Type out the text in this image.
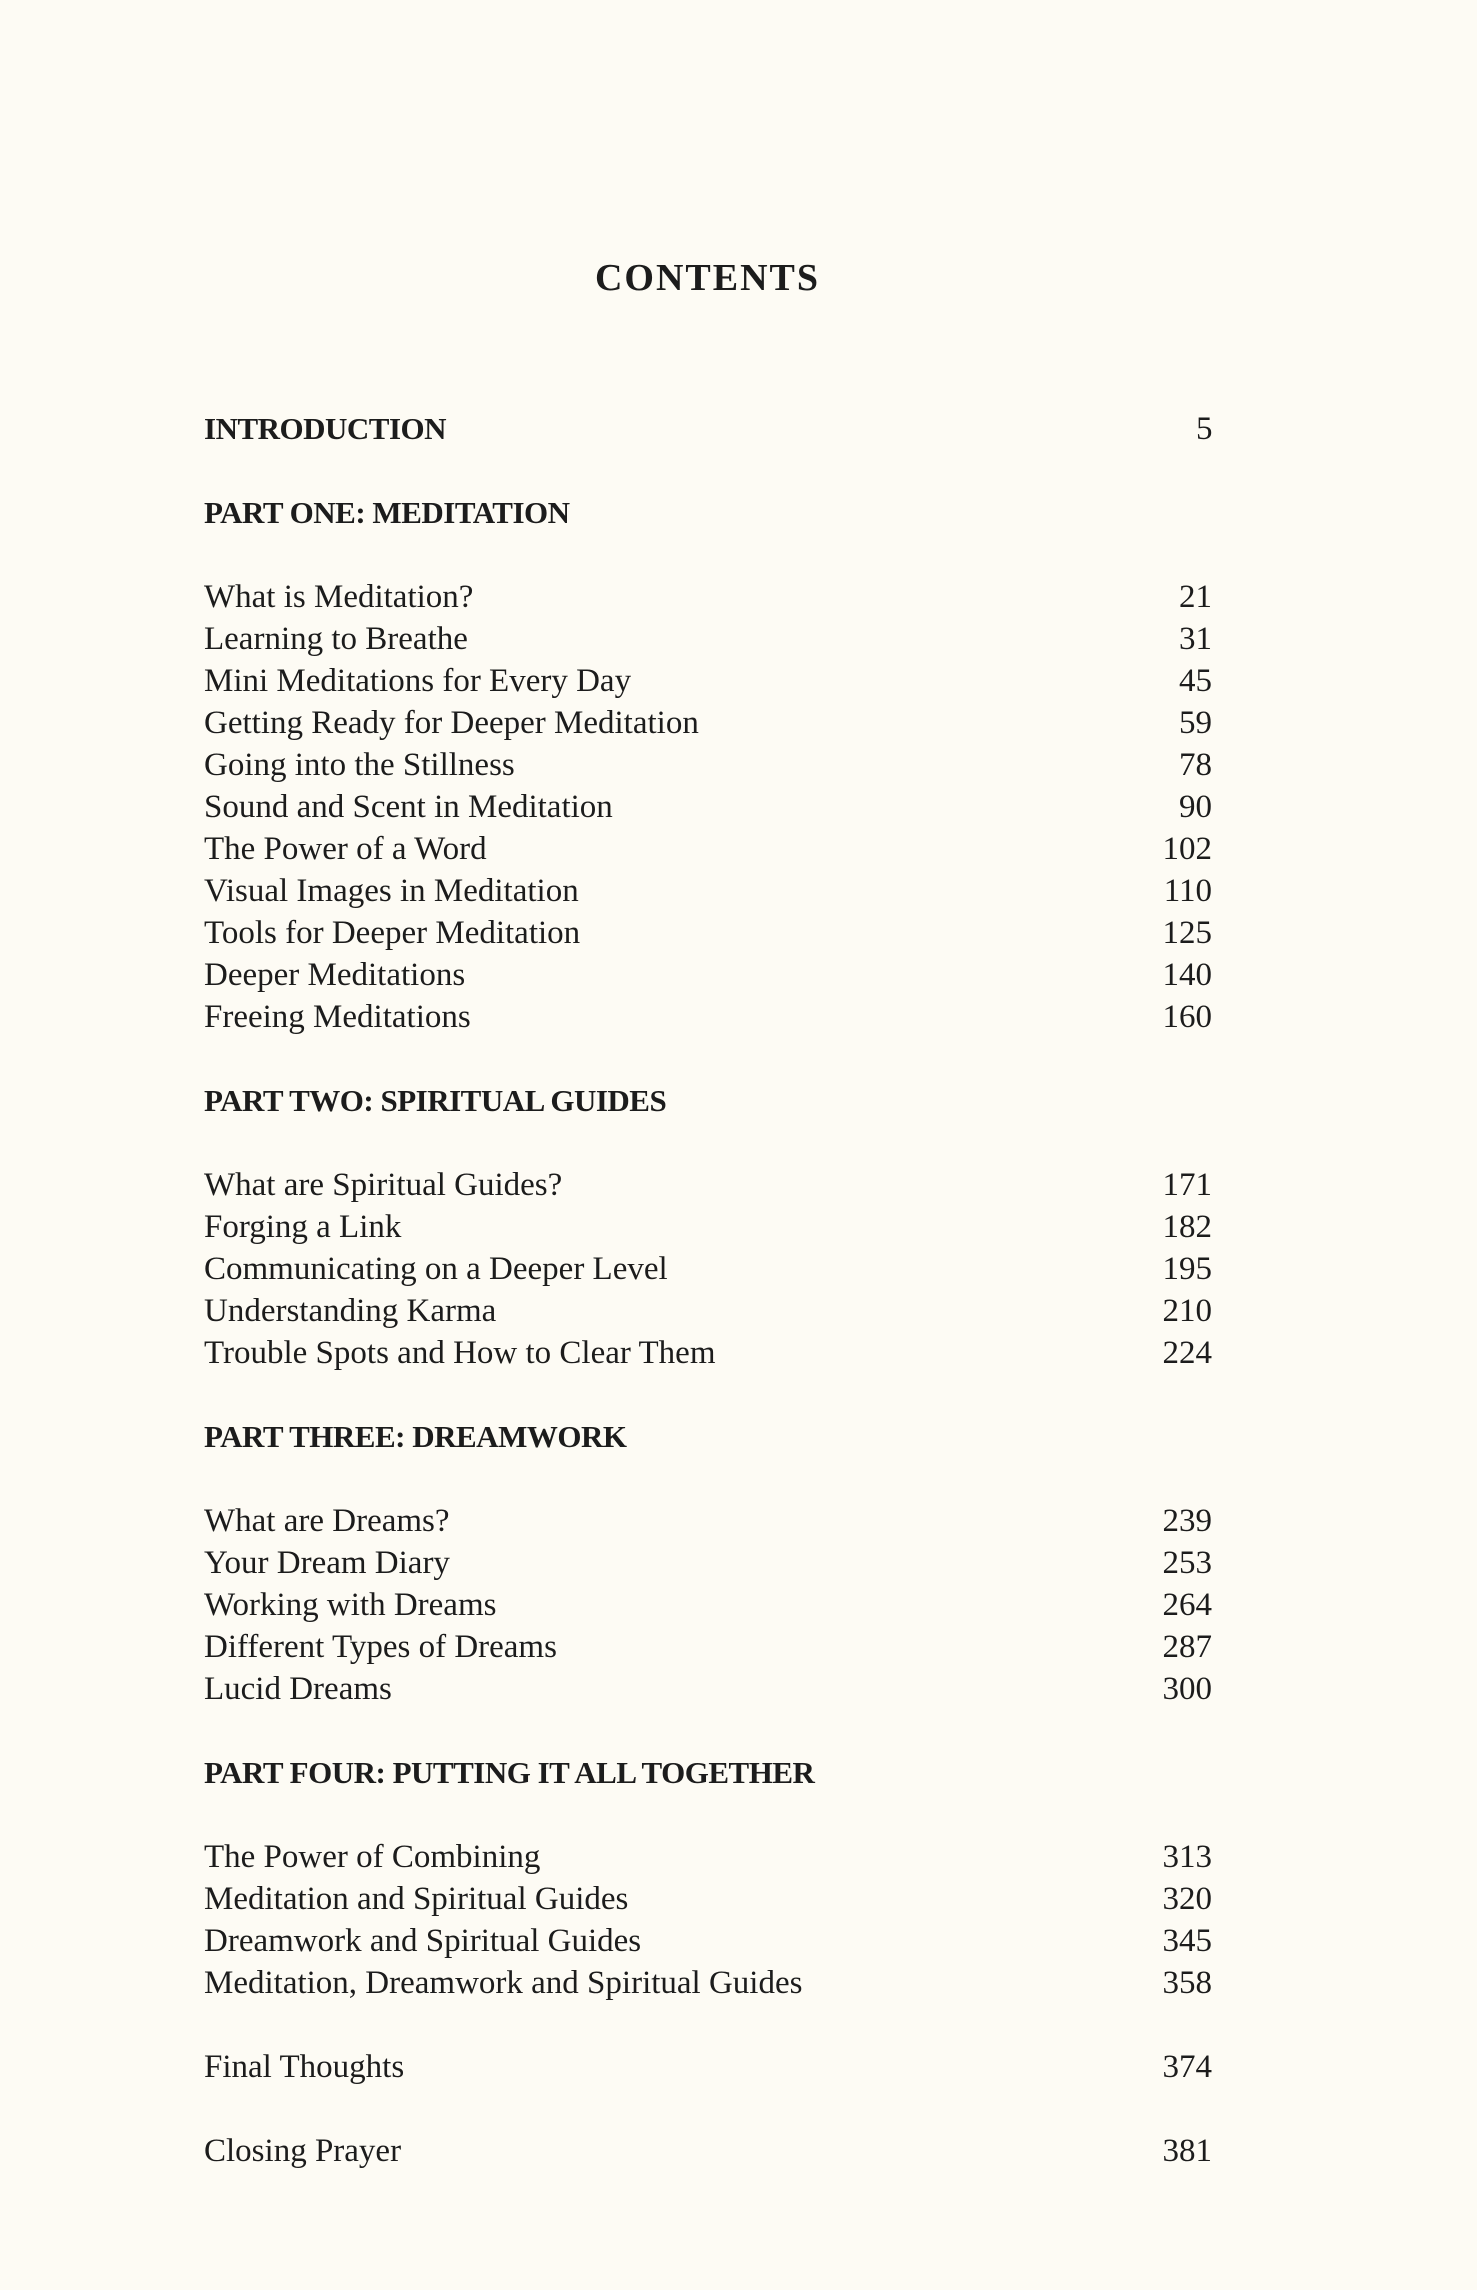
CONTENTS
INTRODUCTION	5
PART ONE: MEDITATION
What is Meditation?	21
Learning to Breathe	31
Mini Meditations for Every Day	45
Getting Ready for Deeper Meditation	59
Going into the Stillness	78
Sound and Scent in Meditation	90
The Power of a Word	102
Visual Images in Meditation	110
Tools for Deeper Meditation	125
Deeper Meditations	140
Freeing Meditations	160
PART TWO: SPIRITUAL GUIDES
What are Spiritual Guides?	171
Forging a Link	182
Communicating on a Deeper Level	195
Understanding Karma	210
Trouble Spots and How to Clear Them	224
PART THREE: DREAMWORK
What are Dreams?	239
Your Dream Diary	253
Working with Dreams	264
Different Types of Dreams	287
Lucid Dreams	300
PART FOUR: PUTTING IT ALL TOGETHER
The Power of Combining	313
Meditation and Spiritual Guides	320
Dreamwork and Spiritual Guides	345
Meditation, Dreamwork and Spiritual Guides	358
Final Thoughts	374
Closing Prayer	381
